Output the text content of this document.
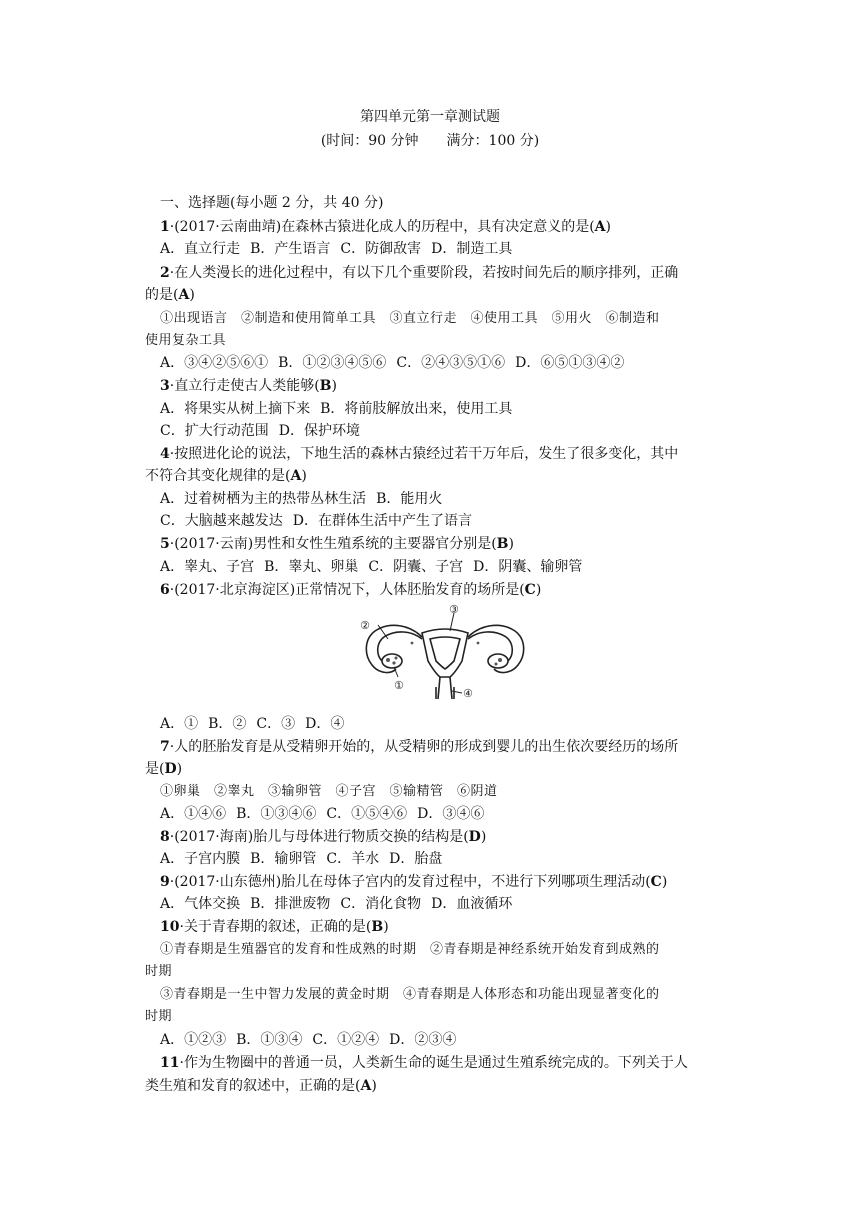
第四单元第一章测试题
(时间：90 分钟　　满分：100 分)
一、选择题(每小题 2 分，共 40 分)
1·(2017·云南曲靖)在森林古猿进化成人的历程中，具有决定意义的是(A)
A．直立行走 B．产生语言 C．防御敌害 D．制造工具
2·在人类漫长的进化过程中，有以下几个重要阶段，若按时间先后的顺序排列，正确
的是(A)
①出现语言　②制造和使用简单工具　③直立行走　④使用工具　⑤用火　⑥制造和
使用复杂工具
A．③④②⑤⑥① B．①②③④⑤⑥ C．②④③⑤①⑥ D．⑥⑤①③④②
3·直立行走使古人类能够(B)
A．将果实从树上摘下来 B．将前肢解放出来，使用工具
C．扩大行动范围 D．保护环境
4·按照进化论的说法，下地生活的森林古猿经过若干万年后，发生了很多变化，其中
不符合其变化规律的是(A)
A．过着树栖为主的热带丛林生活 B．能用火
C．大脑越来越发达 D．在群体生活中产生了语言
5·(2017·云南)男性和女性生殖系统的主要器官分别是(B)
A．睾丸、子宫 B．睾丸、卵巢 C．阴囊、子宫 D．阴囊、输卵管
6·(2017·北京海淀区)正常情况下，人体胚胎发育的场所是(C)
③
②
①
④
A．① B．② C．③ D．④
7·人的胚胎发育是从受精卵开始的，从受精卵的形成到婴儿的出生依次要经历的场所
是(D)
①卵巢　②睾丸　③输卵管　④子宫　⑤输精管　⑥阴道
A．①④⑥ B．①③④⑥ C．①⑤④⑥ D．③④⑥
8·(2017·海南)胎儿与母体进行物质交换的结构是(D)
A．子宫内膜 B．输卵管 C．羊水 D．胎盘
9·(2017·山东德州)胎儿在母体子宫内的发育过程中，不进行下列哪项生理活动(C)
A．气体交换 B．排泄废物 C．消化食物 D．血液循环
10·关于青春期的叙述，正确的是(B)
①青春期是生殖器官的发育和性成熟的时期　②青春期是神经系统开始发育到成熟的
时期
③青春期是一生中智力发展的黄金时期　④青春期是人体形态和功能出现显著变化的
时期
A．①②③ B．①③④ C．①②④ D．②③④
11·作为生物圈中的普通一员，人类新生命的诞生是通过生殖系统完成的。下列关于人
类生殖和发育的叙述中，正确的是(A)
